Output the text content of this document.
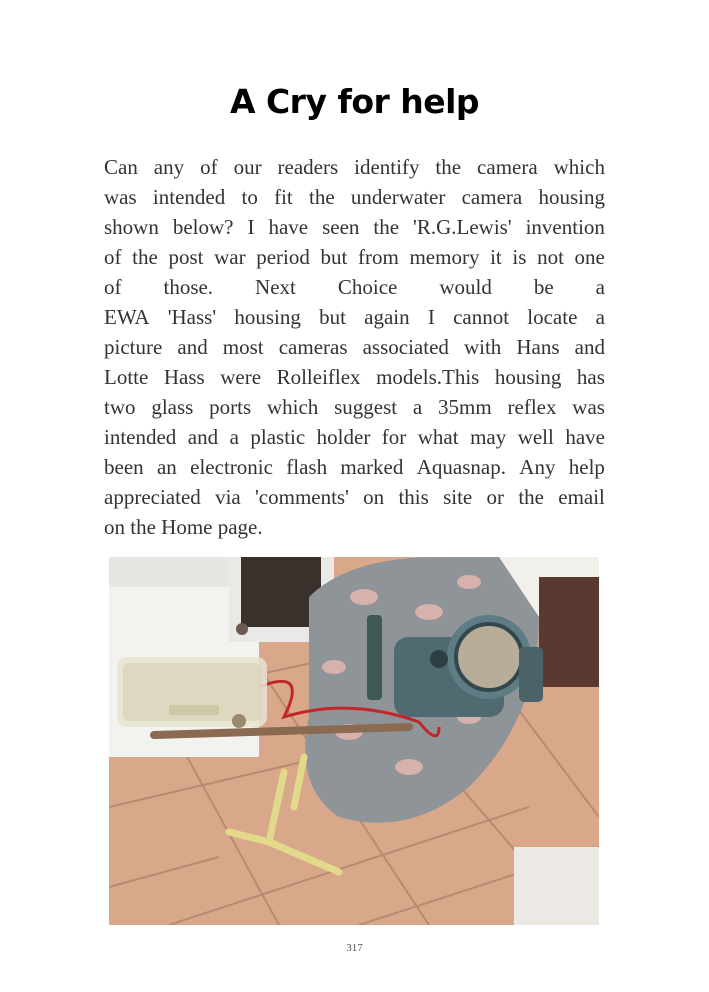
A Cry for help
Can any of our readers identify the camera which
was intended to fit the underwater camera housing
shown below? I have seen the 'R.G.Lewis' invention
of the post war period but from memory it is not one
of those. Next Choice would be a
EWA 'Hass' housing but again I cannot locate a
picture and most cameras associated with Hans and
Lotte Hass were Rolleiflex models.This housing has
two glass ports which suggest a 35mm reflex was
intended and a plastic holder for what may well have
been an electronic flash marked Aquasnap. Any help
appreciated via 'comments' on this site or the email
on the Home page.
317
